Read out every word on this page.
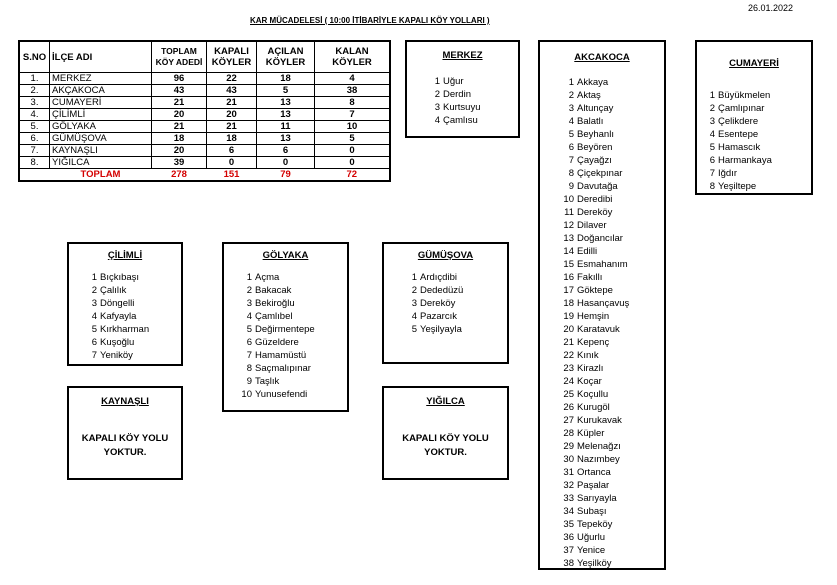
KAR MÜCADELESİ ( 10:00 İTİBARİYLE KAPALI KÖY YOLLARI )
26.01.2022
S.NO	İLÇE ADI	TOPLAM KÖY ADEDİ	KAPALI KÖYLER	AÇILAN KÖYLER	KALAN KÖYLER
1.	MERKEZ	96	22	18	4
2.	AKÇAKOCA	43	43	5	38
3.	CUMAYERİ	21	21	13	8
4.	ÇİLİMLİ	20	20	13	7
5.	GÖLYAKA	21	21	11	10
6.	GÜMÜŞOVA	18	18	13	5
7.	KAYNAŞLI	20	6	6	0
8.	YIĞILCA	39	0	0	0
	TOPLAM	278	151	79	72
MERKEZ
1 Uğur
2 Derdin
3 Kurtsuyu
4 Çamlısu
AKCAKOCA
1 Akkaya
2 Aktaş
3 Altunçay
4 Balatlı
5 Beyhanlı
6 Beyören
7 Çayağzı
8 Çiçekpınar
9 Davutağa
10 Deredibi
11 Dereköy
12 Dilaver
13 Doğancılar
14 Edilli
15 Esmahanım
16 Fakıllı
17 Göktepe
18 Hasançavuş
19 Hemşin
20 Karatavuk
21 Kepenç
22 Kınık
23 Kirazlı
24 Koçar
25 Koçullu
26 Kurugöl
27 Kurukavak
28 Küpler
29 Melenağzı
30 Nazımbey
31 Ortanca
32 Paşalar
33 Sarıyayla
34 Subaşı
35 Tepeköy
36 Uğurlu
37 Yenice
38 Yeşilköy
CUMAYERİ
1 Büyükmelen
2 Çamlıpınar
3 Çelikdere
4 Esentepe
5 Hamascık
6 Harmankaya
7 Iğdır
8 Yeşiltepe
ÇİLİMLİ
1 Bıçkıbaşı
2 Çalılık
3 Döngelli
4 Kafyayla
5 Kırkharman
6 Kuşoğlu
7 Yeniköy
GÖLYAKA
1 Açma
2 Bakacak
3 Bekiroğlu
4 Çamlıbel
5 Değirmentepe
6 Güzeldere
7 Hamamüstü
8 Saçmalıpınar
9 Taşlık
10 Yunusefendi
GÜMÜŞOVA
1 Ardıçdibi
2 Dededüzü
3 Dereköy
4 Pazarcık
5 Yeşilyayla
KAYNAŞLI
KAPALI KÖY YOLU
YOKTUR.
YIĞILCA
KAPALI KÖY YOLU
YOKTUR.
